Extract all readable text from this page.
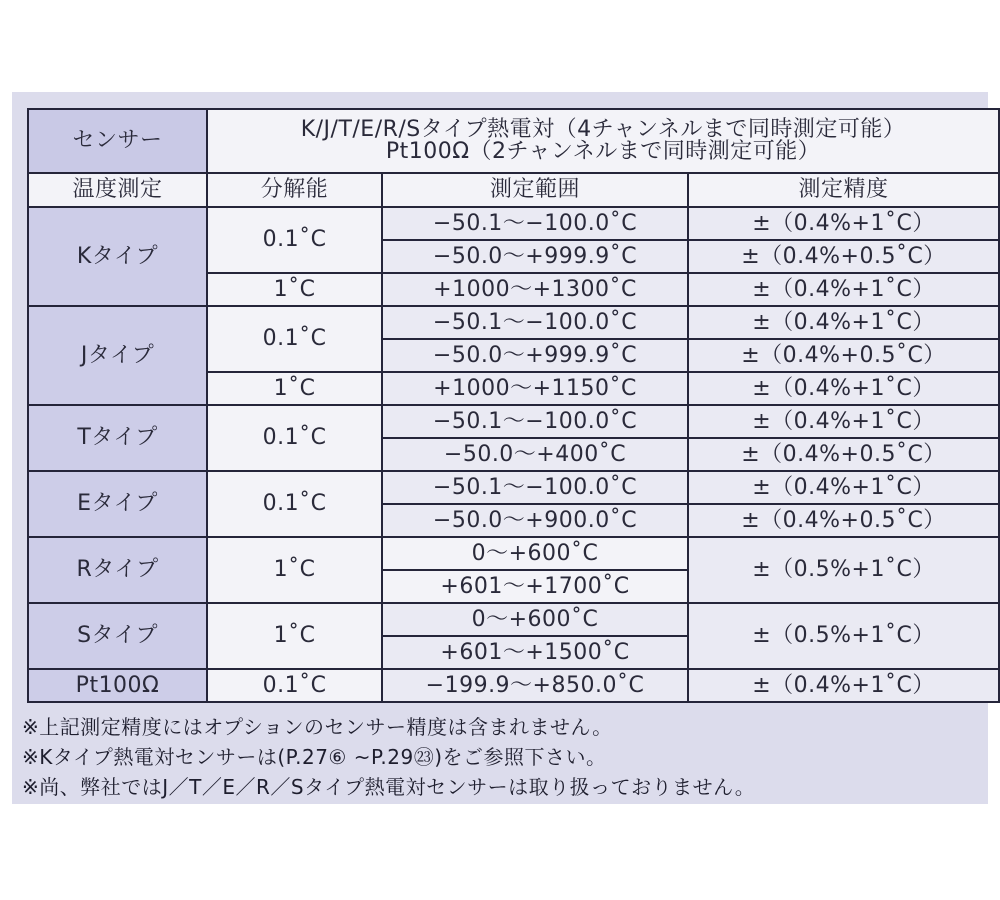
センサー	K/J/T/E/R/Sタイプ熱電対（4チャンネルまで同時測定可能）
Pt100Ω（2チャンネルまで同時測定可能）		

温度測定	分解能	測定範囲	測定精度
Kタイプ	0.1˚C	−50.1〜−100.0˚C	±（0.4%+1˚C）
		−50.0〜+999.9˚C	±（0.4%+0.5˚C）
	1˚C	+1000〜+1300˚C	±（0.4%+1˚C）
Jタイプ	0.1˚C	−50.1〜−100.0˚C	±（0.4%+1˚C）
		−50.0〜+999.9˚C	±（0.4%+0.5˚C）
	1˚C	+1000〜+1150˚C	±（0.4%+1˚C）
Tタイプ	0.1˚C	−50.1〜−100.0˚C	±（0.4%+1˚C）
		−50.0〜+400˚C	±（0.4%+0.5˚C）
Eタイプ	0.1˚C	−50.1〜−100.0˚C	±（0.4%+1˚C）
		−50.0〜+900.0˚C	±（0.4%+0.5˚C）
Rタイプ	1˚C	0〜+600˚C	±（0.5%+1˚C）
		+601〜+1700˚C	
Sタイプ	1˚C	0〜+600˚C	±（0.5%+1˚C）
		+601〜+1500˚C	
Pt100Ω	0.1˚C	−199.9〜+850.0˚C	±（0.4%+1˚C）
※上記測定精度にはオプションのセンサー精度は含まれません。
※Kタイプ熱電対センサーは(P.27⑥ ~P.29㉓)をご参照下さい。
※尚、弊社ではJ／T／E／R／Sタイプ熱電対センサーは取り扱っておりません。
